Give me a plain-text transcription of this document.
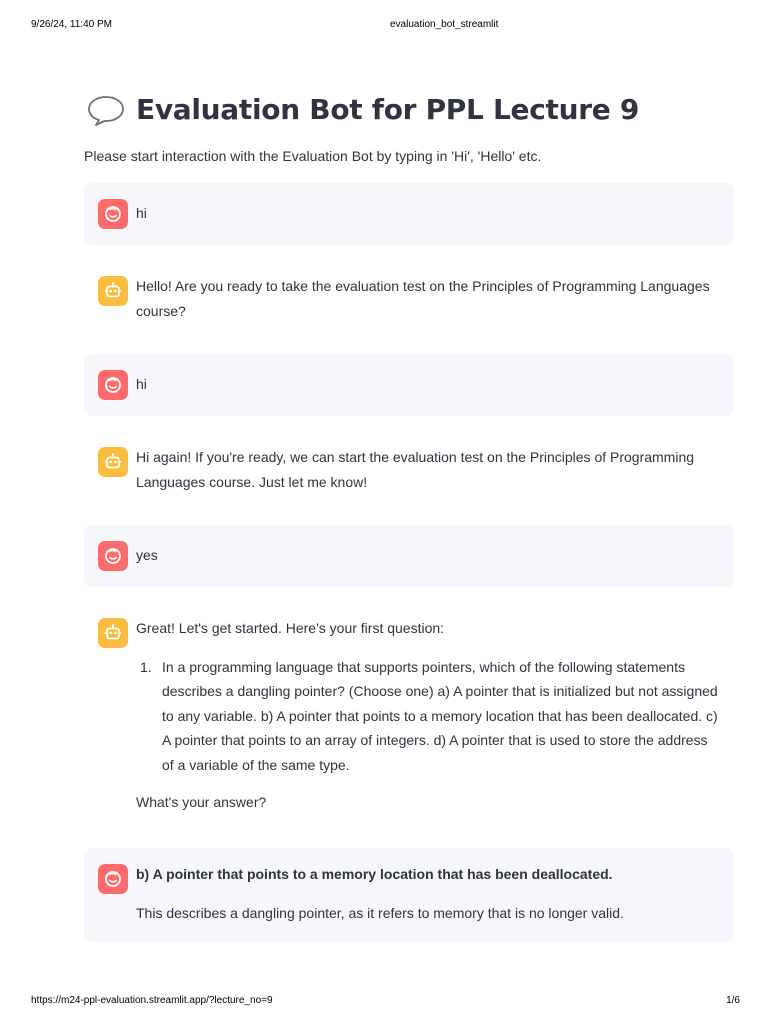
9/26/24, 11:40 PM	evaluation_bot_streamlit
Evaluation Bot for PPL Lecture 9
Please start interaction with the Evaluation Bot by typing in 'Hi', 'Hello' etc.
hi
Hello! Are you ready to take the evaluation test on the Principles of Programming Languages course?
hi
Hi again! If you're ready, we can start the evaluation test on the Principles of Programming Languages course. Just let me know!
yes

Great! Let's get started. Here's your first question:

1. In a programming language that supports pointers, which of the following statements describes a dangling pointer? (Choose one) a) A pointer that is initialized but not assigned to any variable. b) A pointer that points to a memory location that has been deallocated. c) A pointer that points to an array of integers. d) A pointer that is used to store the address of a variable of the same type.

What's your answer?

b) A pointer that points to a memory location that has been deallocated.

This describes a dangling pointer, as it refers to memory that is no longer valid.

https://m24-ppl-evaluation.streamlit.app/?lecture_no=9	1/6
